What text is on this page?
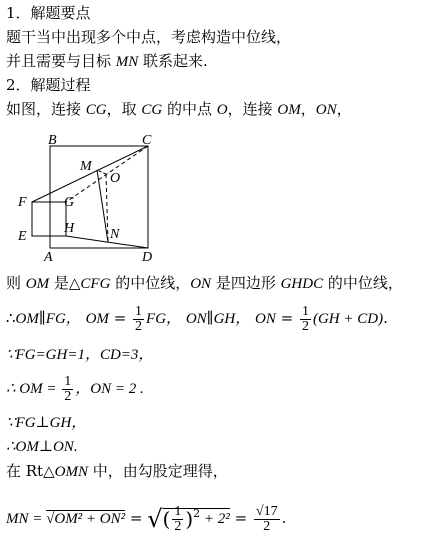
1．解题要点
题干当中出现多个中点，考虑构造中位线，
并且需要与目标 MN 联系起来.
2．解题过程
如图，连接 CG，取 CG 的中点 O，连接 OM，ON，
B	C
M
O
F	G
E
H	N
A	D
则 OM 是△CFG 的中位线，ON 是四边形 GHDC 的中位线，
∴OM∥FG， OM = $\frac{1}{2}$ FG， ON∥GH， ON = $\frac{1}{2} (GH + CD)$.
∵FG=GH=1，CD=3，
∴ OM = $\frac{1}{2}$ ，ON = 2 .
∵FG⊥GH，
∴OM⊥ON.
在 Rt△OMN 中，由勾股定理得，
MN = √OM² + ON² = √( $\frac{1}{2} )^2 + 2^2 = \frac{√17}{2}$ .
